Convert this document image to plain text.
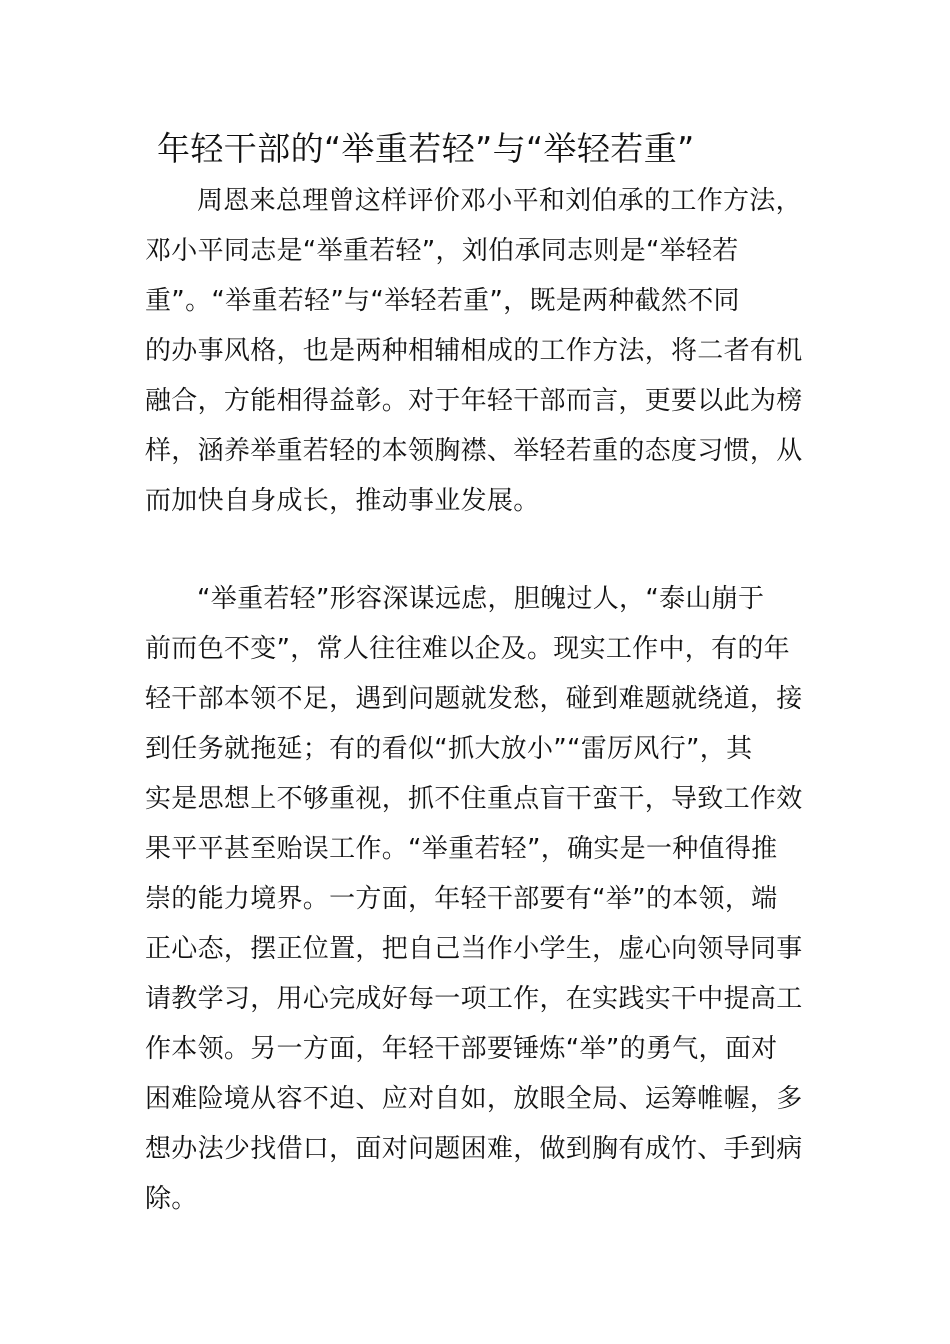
年轻干部的“举重若轻”与“举轻若重”
周恩来总理曾这样评价邓小平和刘伯承的工作方法，
邓小平同志是“举重若轻”，刘伯承同志则是“举轻若
重”。“举重若轻”与“举轻若重”，既是两种截然不同
的办事风格，也是两种相辅相成的工作方法，将二者有机
融合，方能相得益彰。对于年轻干部而言，更要以此为榜
样，涵养举重若轻的本领胸襟、举轻若重的态度习惯，从
而加快自身成长，推动事业发展。
“举重若轻”形容深谋远虑，胆魄过人，“泰山崩于
前而色不变”，常人往往难以企及。现实工作中，有的年
轻干部本领不足，遇到问题就发愁，碰到难题就绕道，接
到任务就拖延；有的看似“抓大放小”“雷厉风行”，其
实是思想上不够重视，抓不住重点盲干蛮干，导致工作效
果平平甚至贻误工作。“举重若轻”，确实是一种值得推
崇的能力境界。一方面，年轻干部要有“举”的本领，端
正心态，摆正位置，把自己当作小学生，虚心向领导同事
请教学习，用心完成好每一项工作，在实践实干中提高工
作本领。另一方面，年轻干部要锤炼“举”的勇气，面对
困难险境从容不迫、应对自如，放眼全局、运筹帷幄，多
想办法少找借口，面对问题困难，做到胸有成竹、手到病
除。
